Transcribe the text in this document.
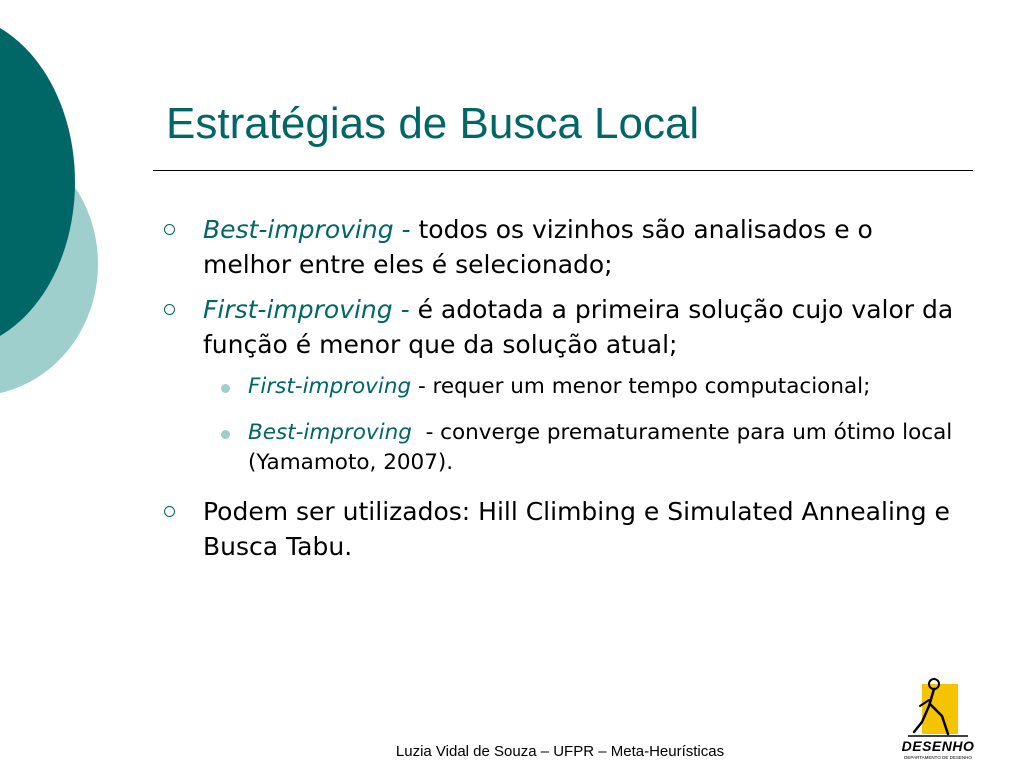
Estratégias de Busca Local
Best-improving - todos os vizinhos são analisados e o melhor entre eles é selecionado;
First-improving - é adotada a primeira solução cujo valor da função é menor que da solução atual;
First-improving - requer um menor tempo computacional;
Best-improving  - converge prematuramente para um ótimo local (Yamamoto, 2007).
Podem ser utilizados: Hill Climbing e Simulated Annealing e Busca Tabu.
Luzia Vidal de Souza – UFPR – Meta-Heurísticas	DESENHO
DEPARTAMENTO DE DESENHO
